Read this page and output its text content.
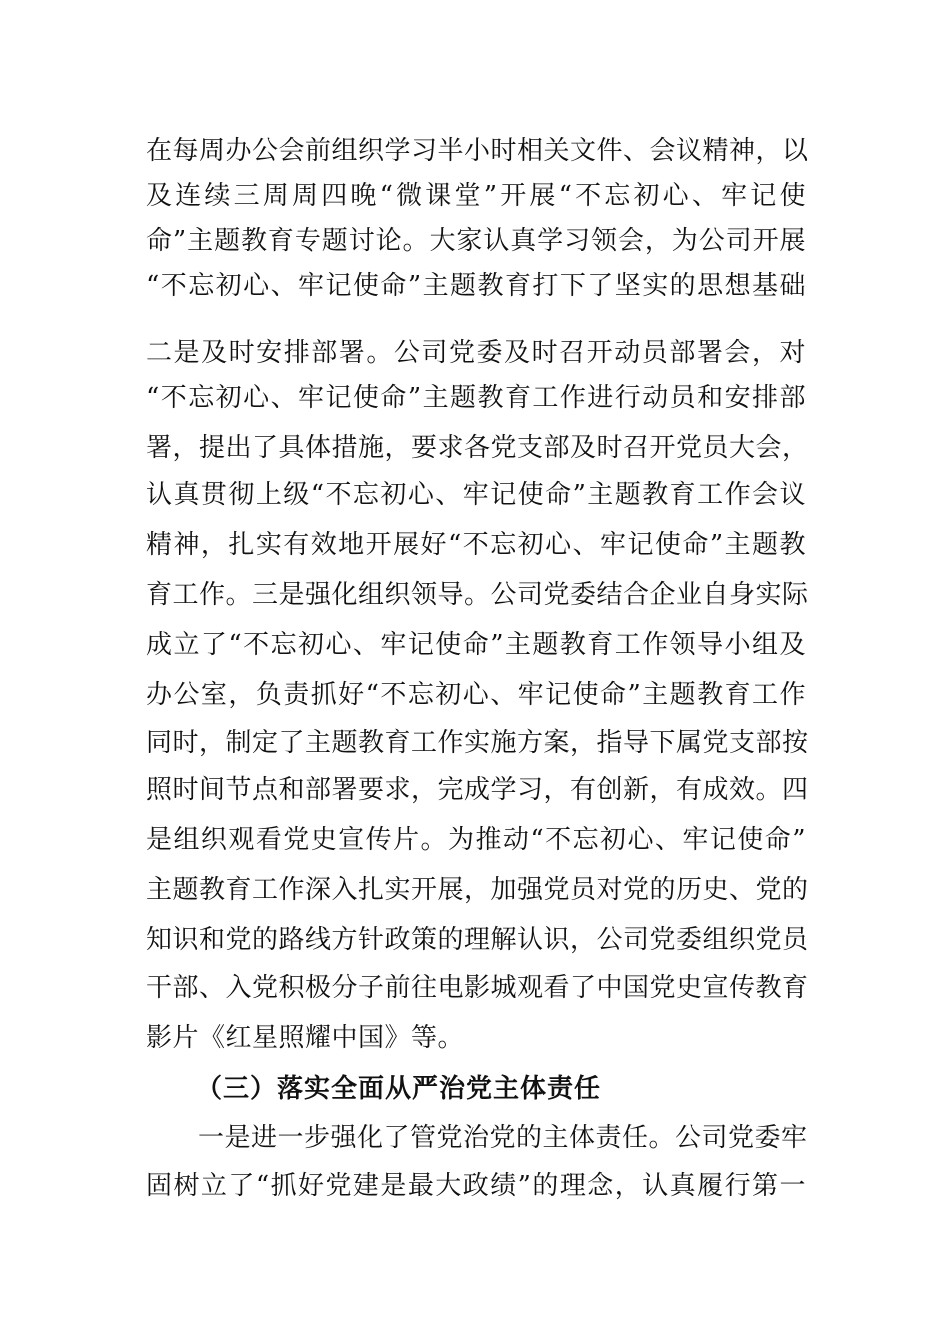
在每周办公会前组织学习半小时相关文件、会议精神，以
及连续三周周四晚“微课堂”开展“不忘初心、牢记使
命”主题教育专题讨论。大家认真学习领会，为公司开展
“不忘初心、牢记使命”主题教育打下了坚实的思想基础
二是及时安排部署。公司党委及时召开动员部署会，对
“不忘初心、牢记使命”主题教育工作进行动员和安排部
署，提出了具体措施，要求各党支部及时召开党员大会，
认真贯彻上级“不忘初心、牢记使命”主题教育工作会议
精神，扎实有效地开展好“不忘初心、牢记使命”主题教
育工作。三是强化组织领导。公司党委结合企业自身实际
成立了“不忘初心、牢记使命”主题教育工作领导小组及
办公室，负责抓好“不忘初心、牢记使命”主题教育工作
同时，制定了主题教育工作实施方案，指导下属党支部按
照时间节点和部署要求，完成学习，有创新，有成效。四
是组织观看党史宣传片。为推动“不忘初心、牢记使命”
主题教育工作深入扎实开展，加强党员对党的历史、党的
知识和党的路线方针政策的理解认识，公司党委组织党员
干部、入党积极分子前往电影城观看了中国党史宣传教育
影片《红星照耀中国》等。
（三）落实全面从严治党主体责任
一是进一步强化了管党治党的主体责任。公司党委牢
固树立了“抓好党建是最大政绩”的理念，认真履行第一
